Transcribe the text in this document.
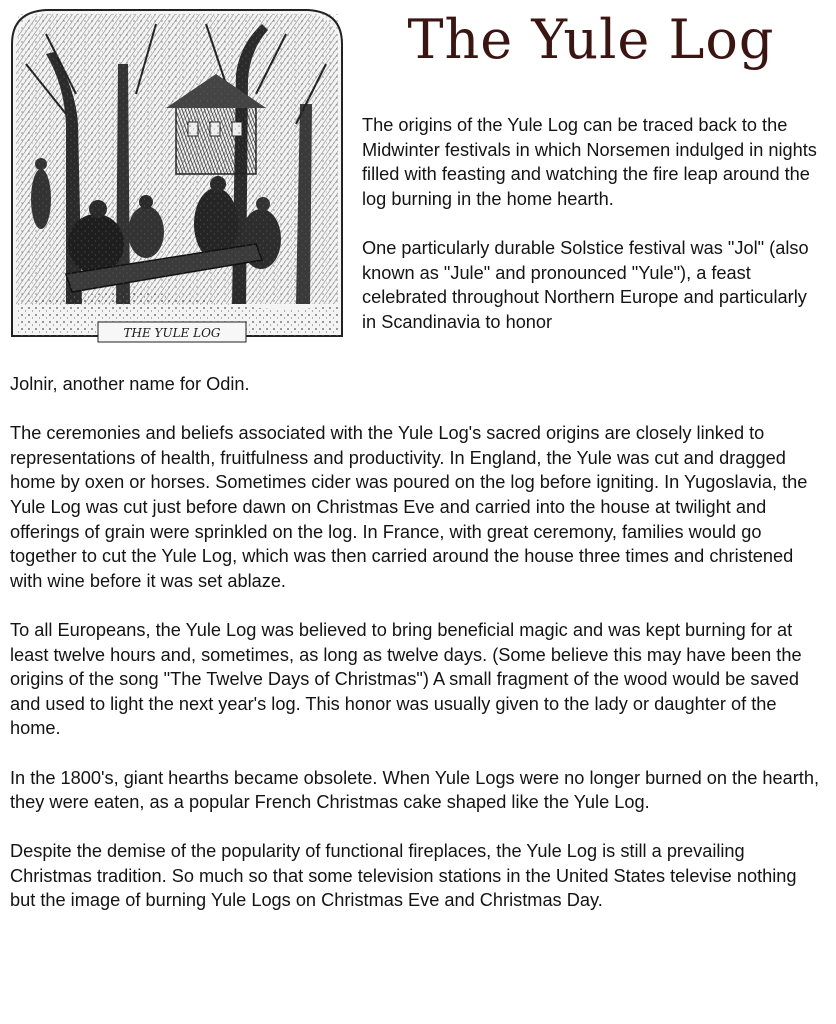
THE YULE LOG
The Yule Log

The origins of the Yule Log can be traced back to the Midwinter festivals in which Norsemen indulged in nights filled with feasting and watching the fire leap around the log burning in the home hearth.

One particularly durable Solstice festival was "Jol" (also known as "Jule" and pronounced "Yule"), a feast celebrated throughout Northern Europe and particularly in Scandinavia to honor

Jolnir, another name for Odin.

The ceremonies and beliefs associated with the Yule Log's sacred origins are closely linked to representations of health, fruitfulness and productivity. In England, the Yule was cut and dragged home by oxen or horses. Sometimes cider was poured on the log before igniting. In Yugoslavia, the Yule Log was cut just before dawn on Christmas Eve and carried into the house at twilight and offerings of grain were sprinkled on the log. In France, with great ceremony, families would go together to cut the Yule Log, which was then carried around the house three times and christened with wine before it was set ablaze.

To all Europeans, the Yule Log was believed to bring beneficial magic and was kept burning for at least twelve hours and, sometimes, as long as twelve days. (Some believe this may have been the origins of the song "The Twelve Days of Christmas") A small fragment of the wood would be saved and used to light the next year's log. This honor was usually given to the lady or daughter of the home.

In the 1800's, giant hearths became obsolete. When Yule Logs were no longer burned on the hearth, they were eaten, as a popular French Christmas cake shaped like the Yule Log.

Despite the demise of the popularity of functional fireplaces, the Yule Log is still a prevailing Christmas tradition. So much so that some television stations in the United States televise nothing but the image of burning Yule Logs on Christmas Eve and Christmas Day.
